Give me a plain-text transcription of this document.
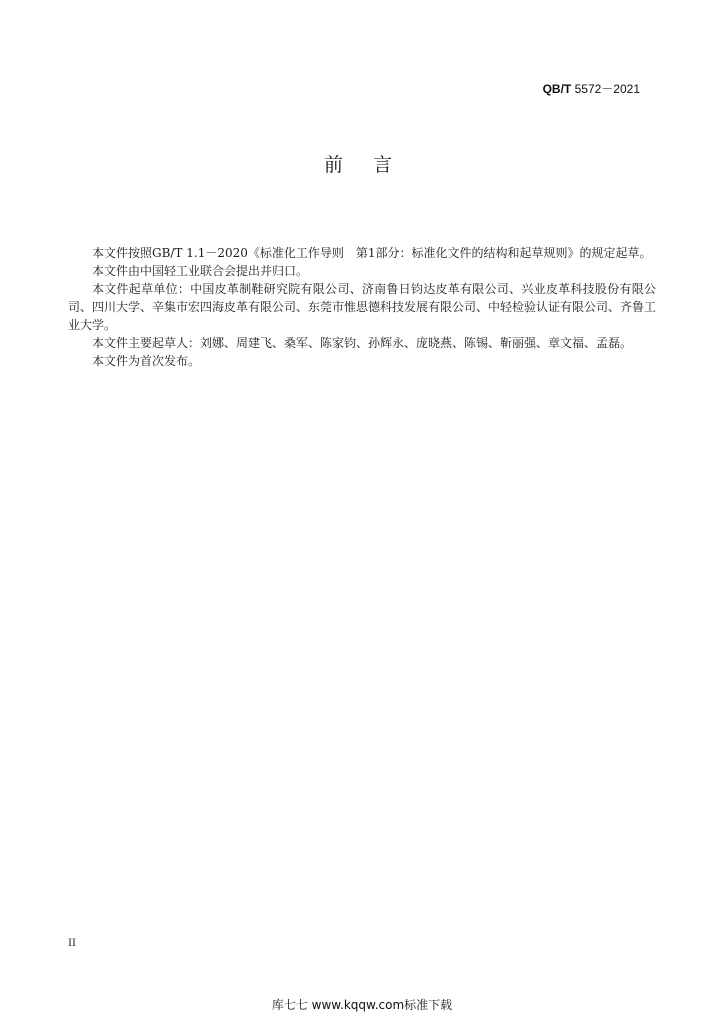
QB/T 5572－2021
前言

本文件按照GB/T 1.1－2020《标准化工作导则　第1部分：标准化文件的结构和起草规则》的规定起草。

本文件由中国轻工业联合会提出并归口。

本文件起草单位：中国皮革制鞋研究院有限公司、济南鲁日钧达皮革有限公司、兴业皮革科技股份有限公司、四川大学、辛集市宏四海皮革有限公司、东莞市惟思德科技发展有限公司、中轻检验认证有限公司、齐鲁工业大学。

本文件主要起草人：刘娜、周建飞、桑军、陈家钧、孙辉永、庞晓燕、陈锡、靳丽强、章文福、孟磊。

本文件为首次发布。

II
库七七 www.kqqw.com标准下载
